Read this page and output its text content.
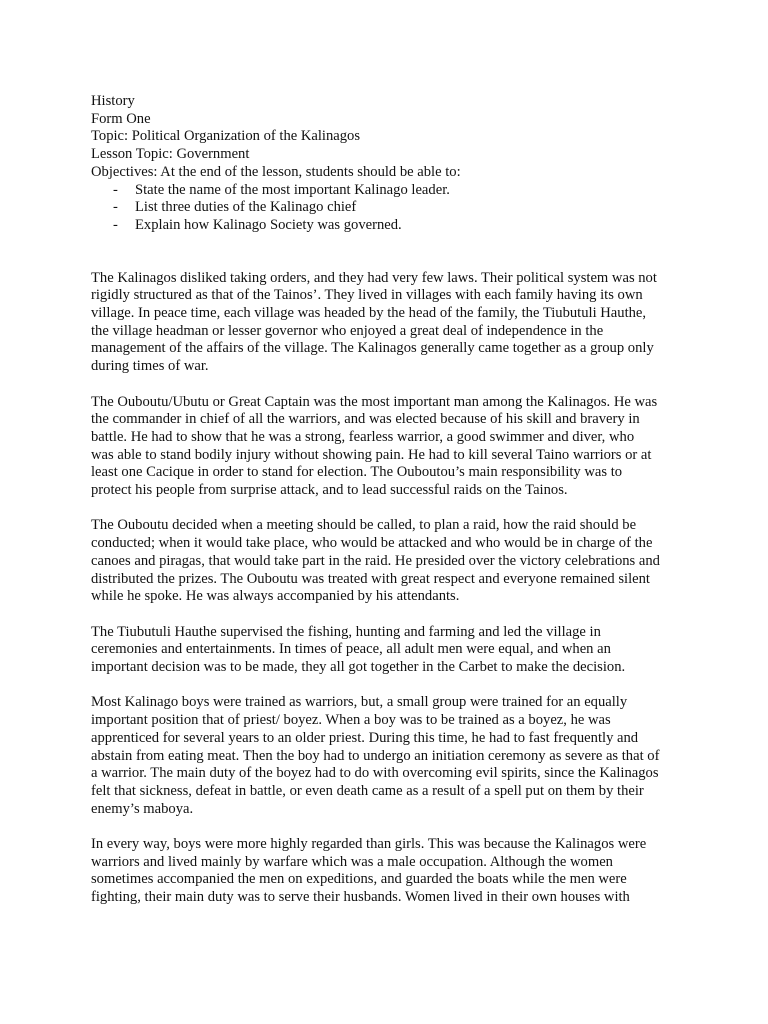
History
Form One
Topic: Political Organization of the Kalinagos
Lesson Topic: Government
Objectives: At the end of the lesson, students should be able to:
- State the name of the most important Kalinago leader.
- List three duties of the Kalinago chief
- Explain how Kalinago Society was governed.

The Kalinagos disliked taking orders, and they had very few laws. Their political system was not
rigidly structured as that of the Tainos’. They lived in villages with each family having its own
village. In peace time, each village was headed by the head of the family, the Tiubutuli Hauthe,
the village headman or lesser governor who enjoyed a great deal of independence in the
management of the affairs of the village. The Kalinagos generally came together as a group only
during times of war.

The Ouboutu/Ubutu or Great Captain was the most important man among the Kalinagos. He was
the commander in chief of all the warriors, and was elected because of his skill and bravery in
battle. He had to show that he was a strong, fearless warrior, a good swimmer and diver, who
was able to stand bodily injury without showing pain. He had to kill several Taino warriors or at
least one Cacique in order to stand for election. The Ouboutou’s main responsibility was to
protect his people from surprise attack, and to lead successful raids on the Tainos.

The Ouboutu decided when a meeting should be called, to plan a raid, how the raid should be
conducted; when it would take place, who would be attacked and who would be in charge of the
canoes and piragas, that would take part in the raid. He presided over the victory celebrations and
distributed the prizes. The Ouboutu was treated with great respect and everyone remained silent
while he spoke. He was always accompanied by his attendants.

The Tiubutuli Hauthe supervised the fishing, hunting and farming and led the village in
ceremonies and entertainments. In times of peace, all adult men were equal, and when an
important decision was to be made, they all got together in the Carbet to make the decision.

Most Kalinago boys were trained as warriors, but, a small group were trained for an equally
important position that of priest/ boyez. When a boy was to be trained as a boyez, he was
apprenticed for several years to an older priest. During this time, he had to fast frequently and
abstain from eating meat. Then the boy had to undergo an initiation ceremony as severe as that of
a warrior. The main duty of the boyez had to do with overcoming evil spirits, since the Kalinagos
felt that sickness, defeat in battle, or even death came as a result of a spell put on them by their
enemy’s maboya.

In every way, boys were more highly regarded than girls. This was because the Kalinagos were
warriors and lived mainly by warfare which was a male occupation. Although the women
sometimes accompanied the men on expeditions, and guarded the boats while the men were
fighting, their main duty was to serve their husbands. Women lived in their own houses with
